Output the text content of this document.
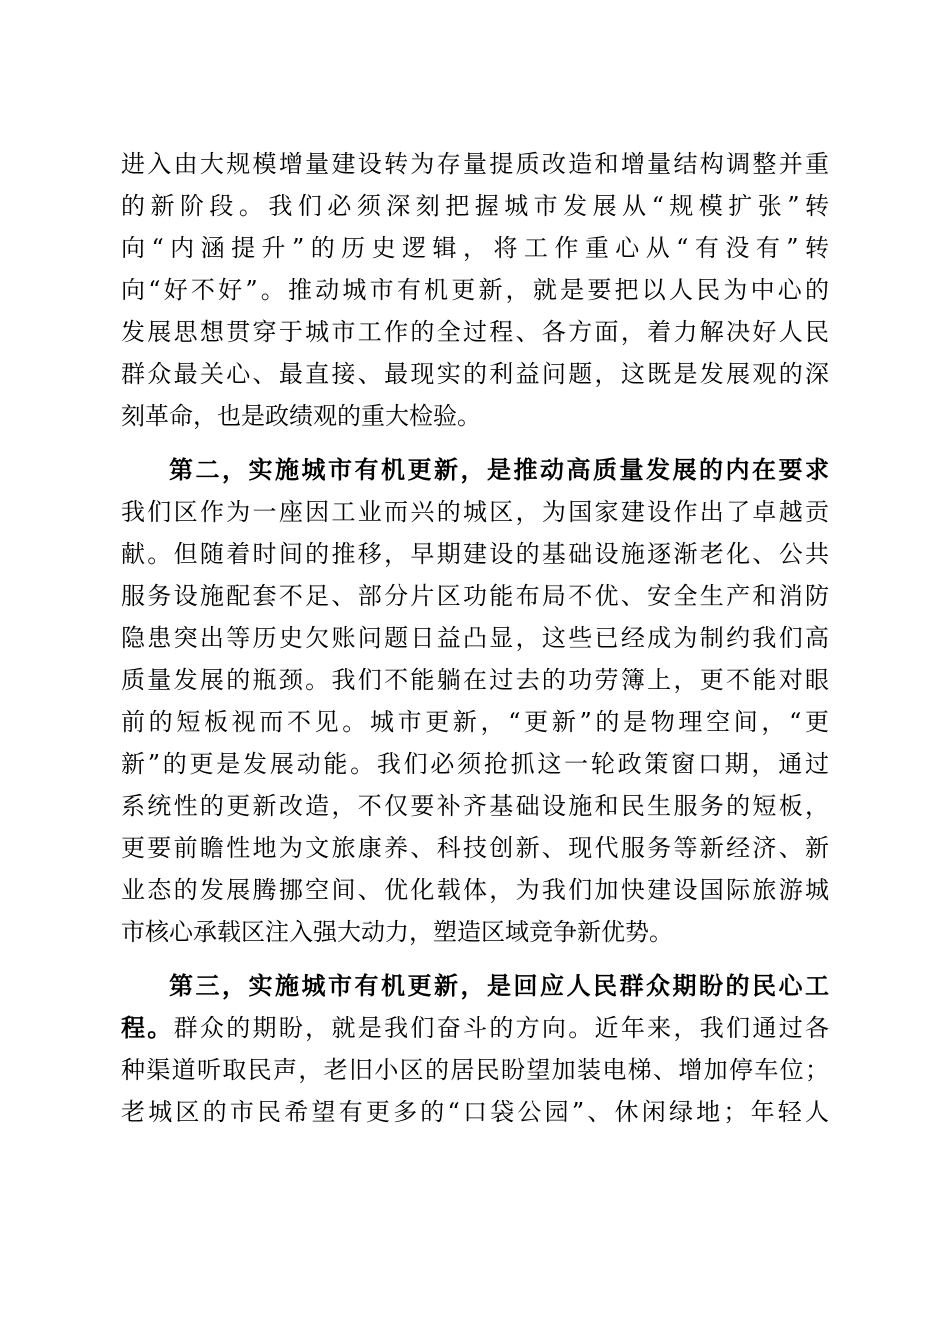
进入由大规模增量建设转为存量提质改造和增量结构调整并重
的新阶段。我们必须深刻把握城市发展从“规模扩张”转
向“内涵提升”的历史逻辑，将工作重心从“有没有”转
向“好不好”。推动城市有机更新，就是要把以人民为中心的
发展思想贯穿于城市工作的全过程、各方面，着力解决好人民
群众最关心、最直接、最现实的利益问题，这既是发展观的深
刻革命，也是政绩观的重大检验。
第二，实施城市有机更新，是推动高质量发展的内在要求
我们区作为一座因工业而兴的城区，为国家建设作出了卓越贡
献。但随着时间的推移，早期建设的基础设施逐渐老化、公共
服务设施配套不足、部分片区功能布局不优、安全生产和消防
隐患突出等历史欠账问题日益凸显，这些已经成为制约我们高
质量发展的瓶颈。我们不能躺在过去的功劳簿上，更不能对眼
前的短板视而不见。城市更新，“更新”的是物理空间，“更
新”的更是发展动能。我们必须抢抓这一轮政策窗口期，通过
系统性的更新改造，不仅要补齐基础设施和民生服务的短板，
更要前瞻性地为文旅康养、科技创新、现代服务等新经济、新
业态的发展腾挪空间、优化载体，为我们加快建设国际旅游城
市核心承载区注入强大动力，塑造区域竞争新优势。
第三，实施城市有机更新，是回应人民群众期盼的民心工
程。群众的期盼，就是我们奋斗的方向。近年来，我们通过各
种渠道听取民声，老旧小区的居民盼望加装电梯、增加停车位；
老城区的市民希望有更多的“口袋公园”、休闲绿地；年轻人
